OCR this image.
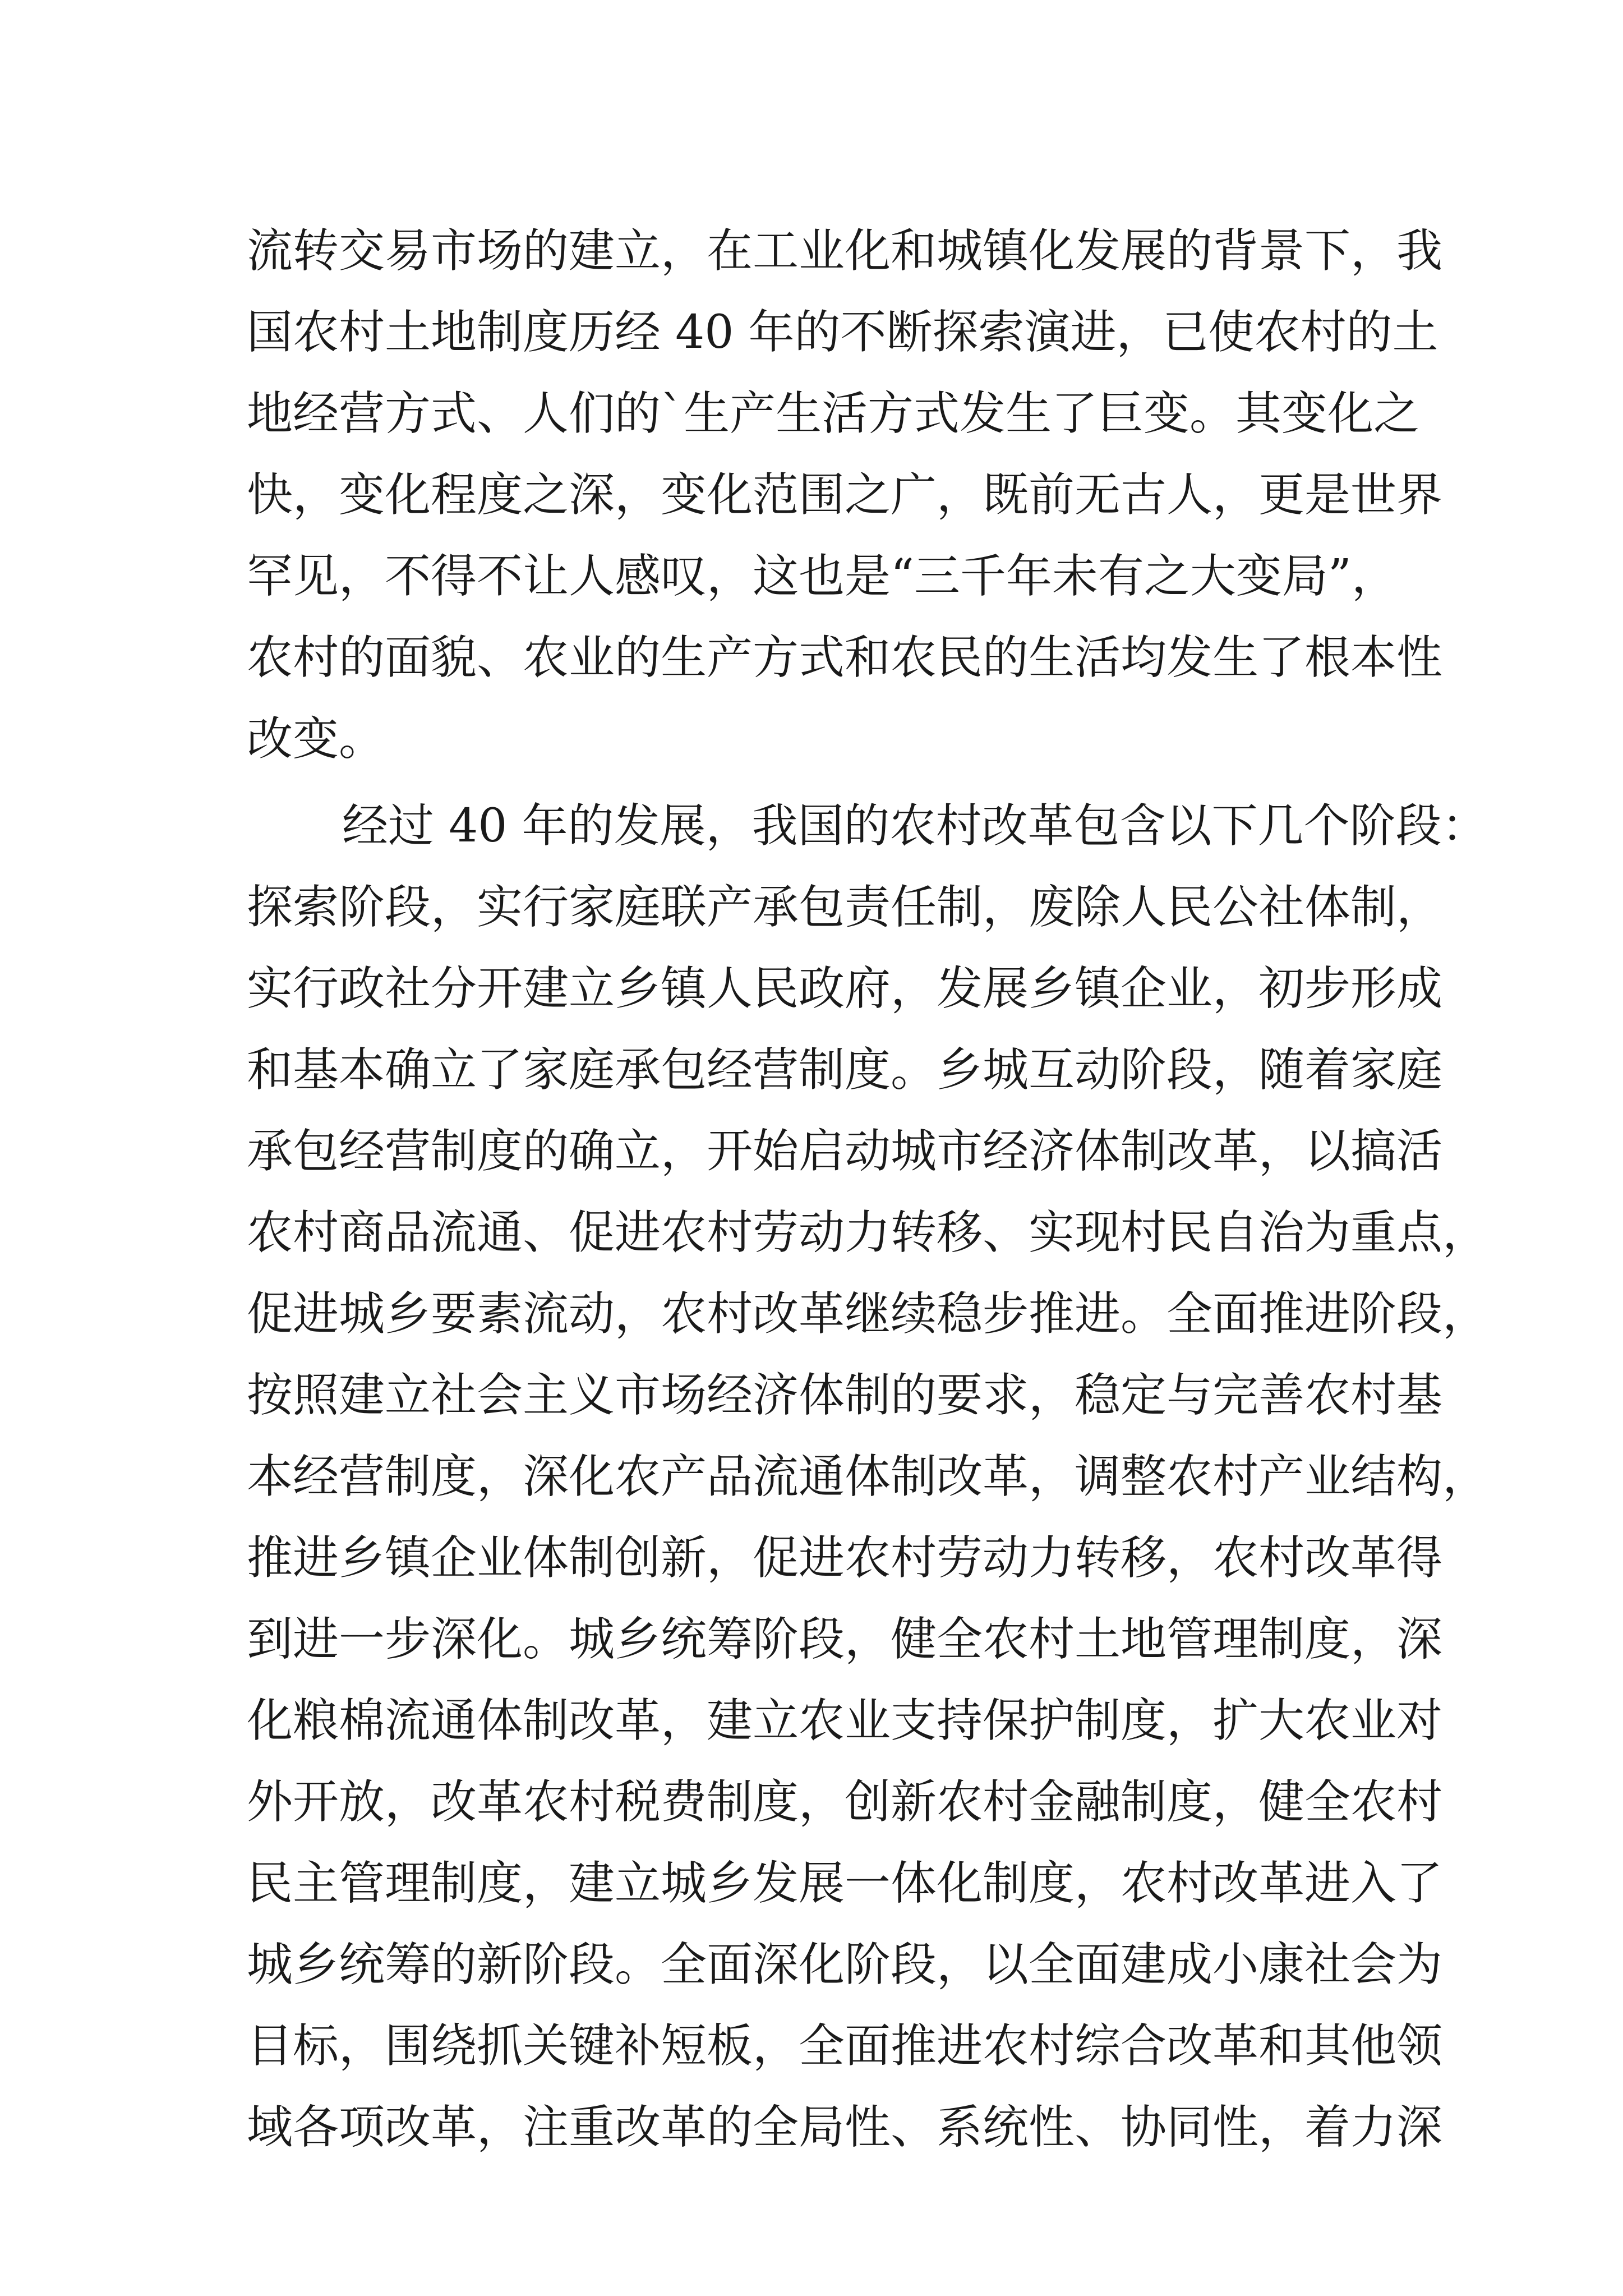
流转交易市场的建立，在工业化和城镇化发展的背景下，我
国农村土地制度历经 40 年的不断探索演进，已使农村的土
地经营方式、人们的`生产生活方式发生了巨变。其变化之
快，变化程度之深，变化范围之广，既前无古人，更是世界
罕见，不得不让人感叹，这也是“三千年未有之大变局”，
农村的面貌、农业的生产方式和农民的生活均发生了根本性
改变。
经过 40 年的发展，我国的农村改革包含以下几个阶段：
探索阶段，实行家庭联产承包责任制，废除人民公社体制，
实行政社分开建立乡镇人民政府，发展乡镇企业，初步形成
和基本确立了家庭承包经营制度。乡城互动阶段，随着家庭
承包经营制度的确立，开始启动城市经济体制改革，以搞活
农村商品流通、促进农村劳动力转移、实现村民自治为重点，
促进城乡要素流动，农村改革继续稳步推进。全面推进阶段，
按照建立社会主义市场经济体制的要求，稳定与完善农村基
本经营制度，深化农产品流通体制改革，调整农村产业结构，
推进乡镇企业体制创新，促进农村劳动力转移，农村改革得
到进一步深化。城乡统筹阶段，健全农村土地管理制度，深
化粮棉流通体制改革，建立农业支持保护制度，扩大农业对
外开放，改革农村税费制度，创新农村金融制度，健全农村
民主管理制度，建立城乡发展一体化制度，农村改革进入了
城乡统筹的新阶段。全面深化阶段，以全面建成小康社会为
目标，围绕抓关键补短板，全面推进农村综合改革和其他领
域各项改革，注重改革的全局性、系统性、协同性，着力深
